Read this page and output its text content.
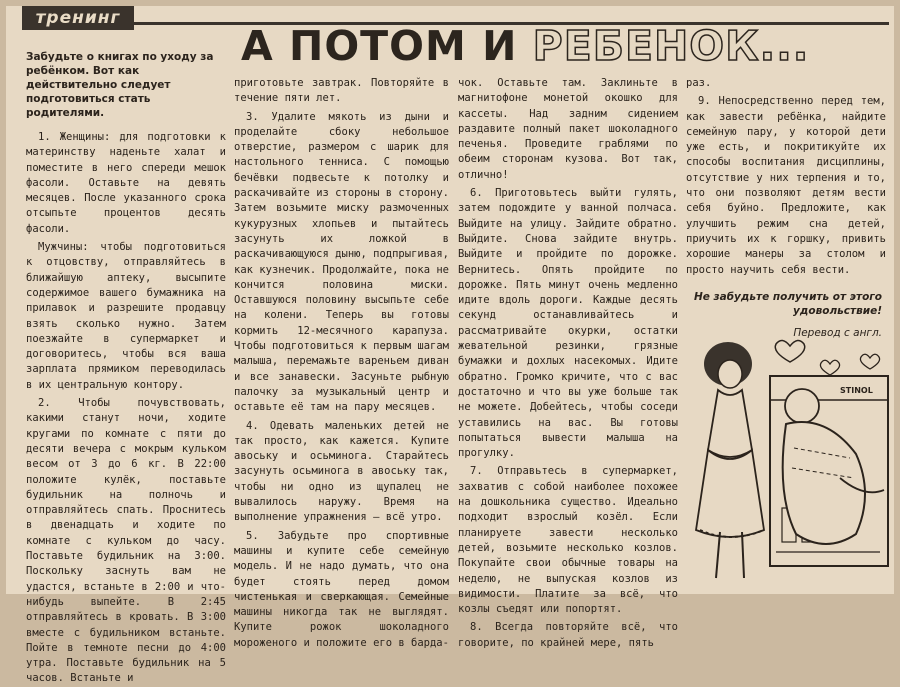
тренинг
А ПОТОМ И РЕБЕНОК...
Забудьте о книгах по уходу за ребёнком. Вот как действительно следует подготовиться стать родителями.

1. Женщины: для подготовки к материнству наденьте халат и поместите в него спереди мешок фасоли. Оставьте на девять месяцев. После указанного срока отсыпьте процентов десять фасоли.

Мужчины: чтобы подготовиться к отцовству, отправляйтесь в ближайшую аптеку, высыпите содержимое вашего бумажника на прилавок и разрешите продавцу взять сколько нужно. Затем поезжайте в супермаркет и договоритесь, чтобы вся ваша зарплата прямиком переводилась в их центральную контору.

2. Чтобы почувствовать, какими станут ночи, ходите кругами по комнате с пяти до десяти вечера с мокрым кульком весом от 3 до 6 кг. В 22:00 положите кулёк, поставьте будильник на полночь и отправляйтесь спать. Проснитесь в двенадцать и ходите по комнате с кульком до часу. Поставьте будильник на 3:00. Поскольку заснуть вам не удастся, встаньте в 2:00 и что-нибудь выпейте. В 2:45 отправляйтесь в кровать. В 3:00 вместе с будильником встаньте. Пойте в темноте песни до 4:00 утра. Поставьте будильник на 5 часов. Встаньте и

приготовьте завтрак. Повторяйте в течение пяти лет.

3. Удалите мякоть из дыни и проделайте сбоку небольшое отверстие, размером с шарик для настольного тенниса. С помощью бечёвки подвесьте к потолку и раскачивайте из стороны в сторону. Затем возьмите миску размоченных кукурузных хлопьев и пытайтесь засунуть их ложкой в раскачивающуюся дыню, подпрыгивая, как кузнечик. Продолжайте, пока не кончится половина миски. Оставшуюся половину высыпьте себе на колени. Теперь вы готовы кормить 12-месячного карапуза. Чтобы подготовиться к первым шагам малыша, перемажьте вареньем диван и все занавески. Засуньте рыбную палочку за музыкальный центр и оставьте её там на пару месяцев.

4. Одевать маленьких детей не так просто, как кажется. Купите авоську и осьминога. Старайтесь засунуть осьминога в авоську так, чтобы ни одно из щупалец не вывалилось наружу. Время на выполнение упражнения – всё утро.

5. Забудьте про спортивные машины и купите себе семейную модель. И не надо думать, что она будет стоять перед домом чистенькая и сверкающая. Семейные машины никогда так не выглядят. Купите рожок шоколадного мороженого и положите его в барда-

чок. Оставьте там. Заклиньте в магнитофоне монетой окошко для кассеты. Над задним сидением раздавите полный пакет шоколадного печенья. Проведите граблями по обеим сторонам кузова. Вот так, отлично!

6. Приготовьтесь выйти гулять, затем подождите у ванной полчаса. Выйдите на улицу. Зайдите обратно. Выйдите. Снова зайдите внутрь. Выйдите и пройдите по дорожке. Вернитесь. Опять пройдите по дорожке. Пять минут очень медленно идите вдоль дороги. Каждые десять секунд останавливайтесь и рассматривайте окурки, остатки жевательной резинки, грязные бумажки и дохлых насекомых. Идите обратно. Громко кричите, что с вас достаточно и что вы уже больше так не можете. Добейтесь, чтобы соседи уставились на вас. Вы готовы попытаться вывести малыша на прогулку.

7. Отправьтесь в супермаркет, захватив с собой наиболее похожее на дошкольника существо. Идеально подходит взрослый козёл. Если планируете завести несколько детей, возьмите несколько козлов. Покупайте свои обычные товары на неделю, не выпуская козлов из видимости. Платите за всё, что козлы съедят или попортят.

8. Всегда повторяйте всё, что говорите, по крайней мере, пять

раз.

9. Непосредственно перед тем, как завести ребёнка, найдите семейную пару, у которой дети уже есть, и покритикуйте их способы воспитания дисциплины, отсутствие у них терпения и то, что они позволяют детям вести себя буйно. Предложите, как улучшить режим сна детей, приучить их к горшку, привить хорошие манеры за столом и просто научить себя вести.

Не забудьте получить от этого удовольствие!
Перевод с англ.
STINOL
